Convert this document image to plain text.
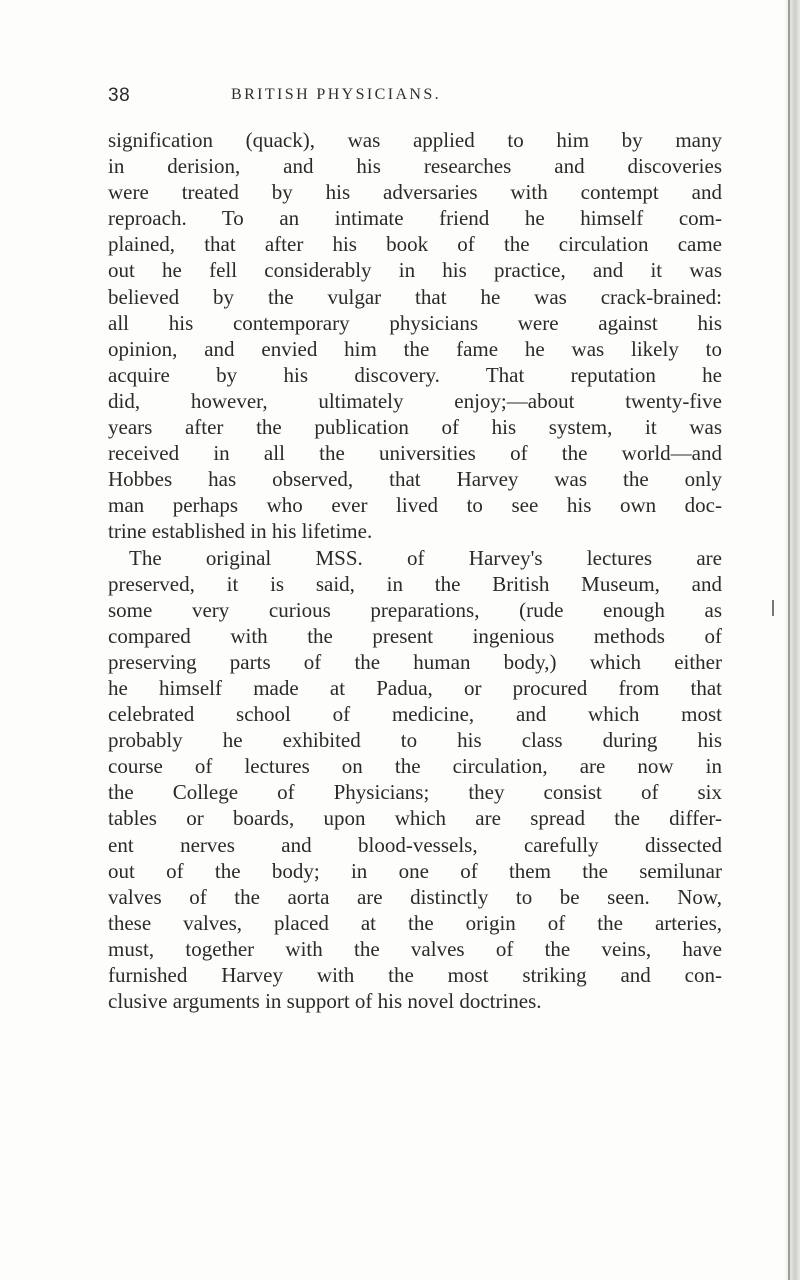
38	BRITISH PHYSICIANS.
signification (quack), was applied to him by many
in derision, and his researches and discoveries
were treated by his adversaries with contempt and
reproach. To an intimate friend he himself com-
plained, that after his book of the circulation came
out he fell considerably in his practice, and it was
believed by the vulgar that he was crack-brained:
all his contemporary physicians were against his
opinion, and envied him the fame he was likely to
acquire by his discovery. That reputation he
did, however, ultimately enjoy;—about twenty-five
years after the publication of his system, it was
received in all the universities of the world—and
Hobbes has observed, that Harvey was the only
man perhaps who ever lived to see his own doc-
trine established in his lifetime.
The original MSS. of Harvey's lectures are
preserved, it is said, in the British Museum, and
some very curious preparations, (rude enough as
compared with the present ingenious methods of
preserving parts of the human body,) which either
he himself made at Padua, or procured from that
celebrated school of medicine, and which most
probably he exhibited to his class during his
course of lectures on the circulation, are now in
the College of Physicians; they consist of six
tables or boards, upon which are spread the differ-
ent nerves and blood-vessels, carefully dissected
out of the body; in one of them the semilunar
valves of the aorta are distinctly to be seen. Now,
these valves, placed at the origin of the arteries,
must, together with the valves of the veins, have
furnished Harvey with the most striking and con-
clusive arguments in support of his novel doctrines.
